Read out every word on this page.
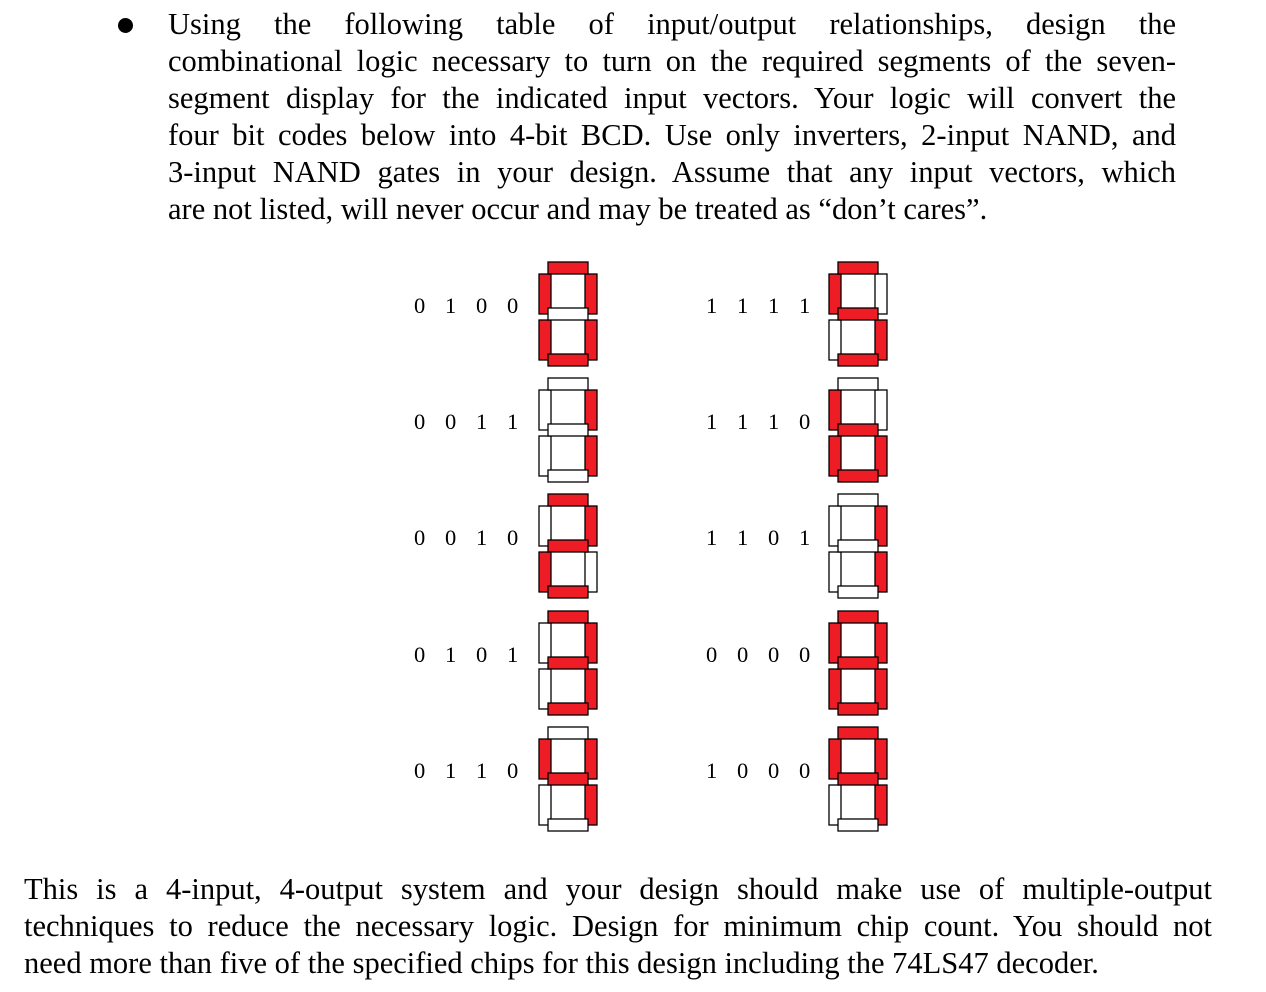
Using the following table of input/output relationships, design the
combinational logic necessary to turn on the required segments of the seven-
segment display for the indicated input vectors. Your logic will convert the
four bit codes below into 4-bit BCD. Use only inverters, 2-input NAND, and
3-input NAND gates in your design. Assume that any input vectors, which
are not listed, will never occur and may be treated as “don’t cares”.

0 1 0 0
0 0 1 1
0 0 1 0
0 1 0 1
0 1 1 0
1 1 1 1
1 1 1 0
1 1 0 1
0 0 0 0
1 0 0 0

This is a 4-input, 4-output system and your design should make use of multiple-output
techniques to reduce the necessary logic. Design for minimum chip count. You should not
need more than five of the specified chips for this design including the 74LS47 decoder.
